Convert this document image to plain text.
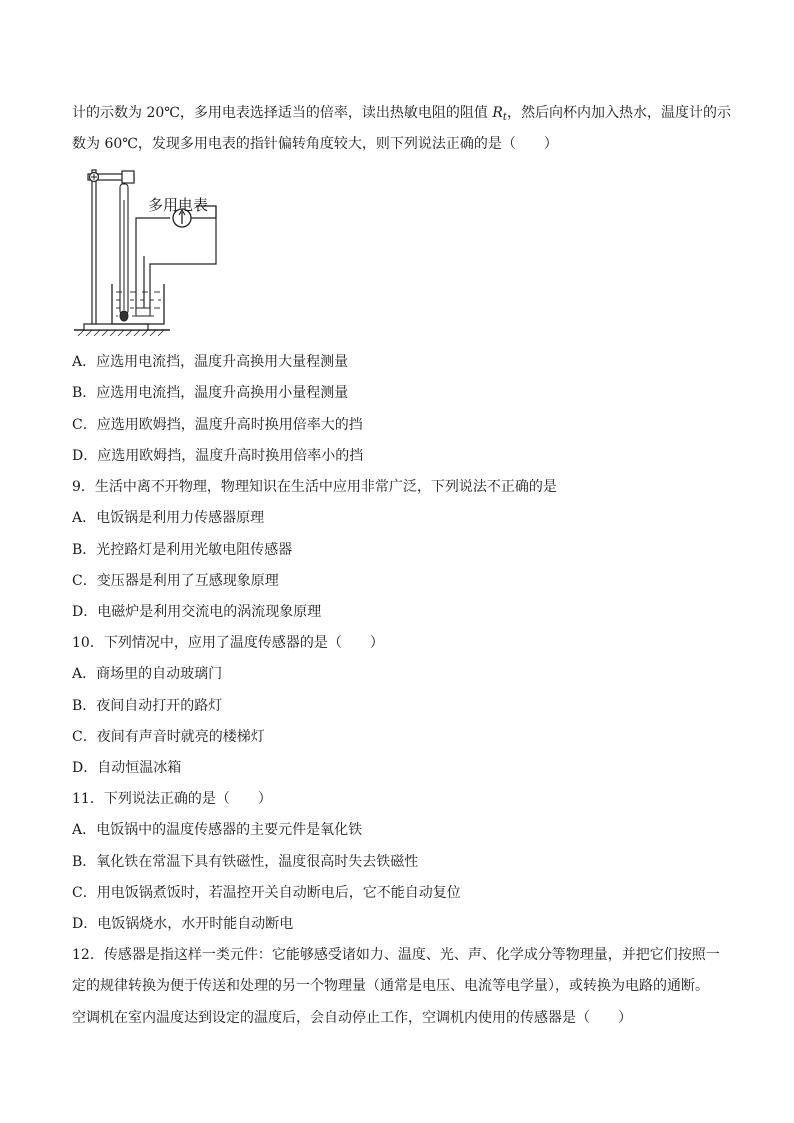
计的示数为 20℃，多用电表选择适当的倍率，读出热敏电阻的阻值 $R_t$，然后向杯内加入热水，温度计的示
数为 60℃，发现多用电表的指针偏转角度较大，则下列说法正确的是（　　）
多用电表
A．应选用电流挡，温度升高换用大量程测量
B．应选用电流挡，温度升高换用小量程测量
C．应选用欧姆挡，温度升高时换用倍率大的挡
D．应选用欧姆挡，温度升高时换用倍率小的挡
9．生活中离不开物理，物理知识在生活中应用非常广泛，下列说法不正确的是
A．电饭锅是利用力传感器原理
B．光控路灯是利用光敏电阻传感器
C．变压器是利用了互感现象原理
D．电磁炉是利用交流电的涡流现象原理
10．下列情况中，应用了温度传感器的是（　　）
A．商场里的自动玻璃门
B．夜间自动打开的路灯
C．夜间有声音时就亮的楼梯灯
D．自动恒温冰箱
11．下列说法正确的是（　　）
A．电饭锅中的温度传感器的主要元件是氧化铁
B．氧化铁在常温下具有铁磁性，温度很高时失去铁磁性
C．用电饭锅煮饭时，若温控开关自动断电后，它不能自动复位
D．电饭锅烧水，水开时能自动断电
12．传感器是指这样一类元件：它能够感受诸如力、温度、光、声、化学成分等物理量，并把它们按照一
定的规律转换为便于传送和处理的另一个物理量（通常是电压、电流等电学量），或转换为电路的通断。
空调机在室内温度达到设定的温度后，会自动停止工作，空调机内使用的传感器是（　　）
